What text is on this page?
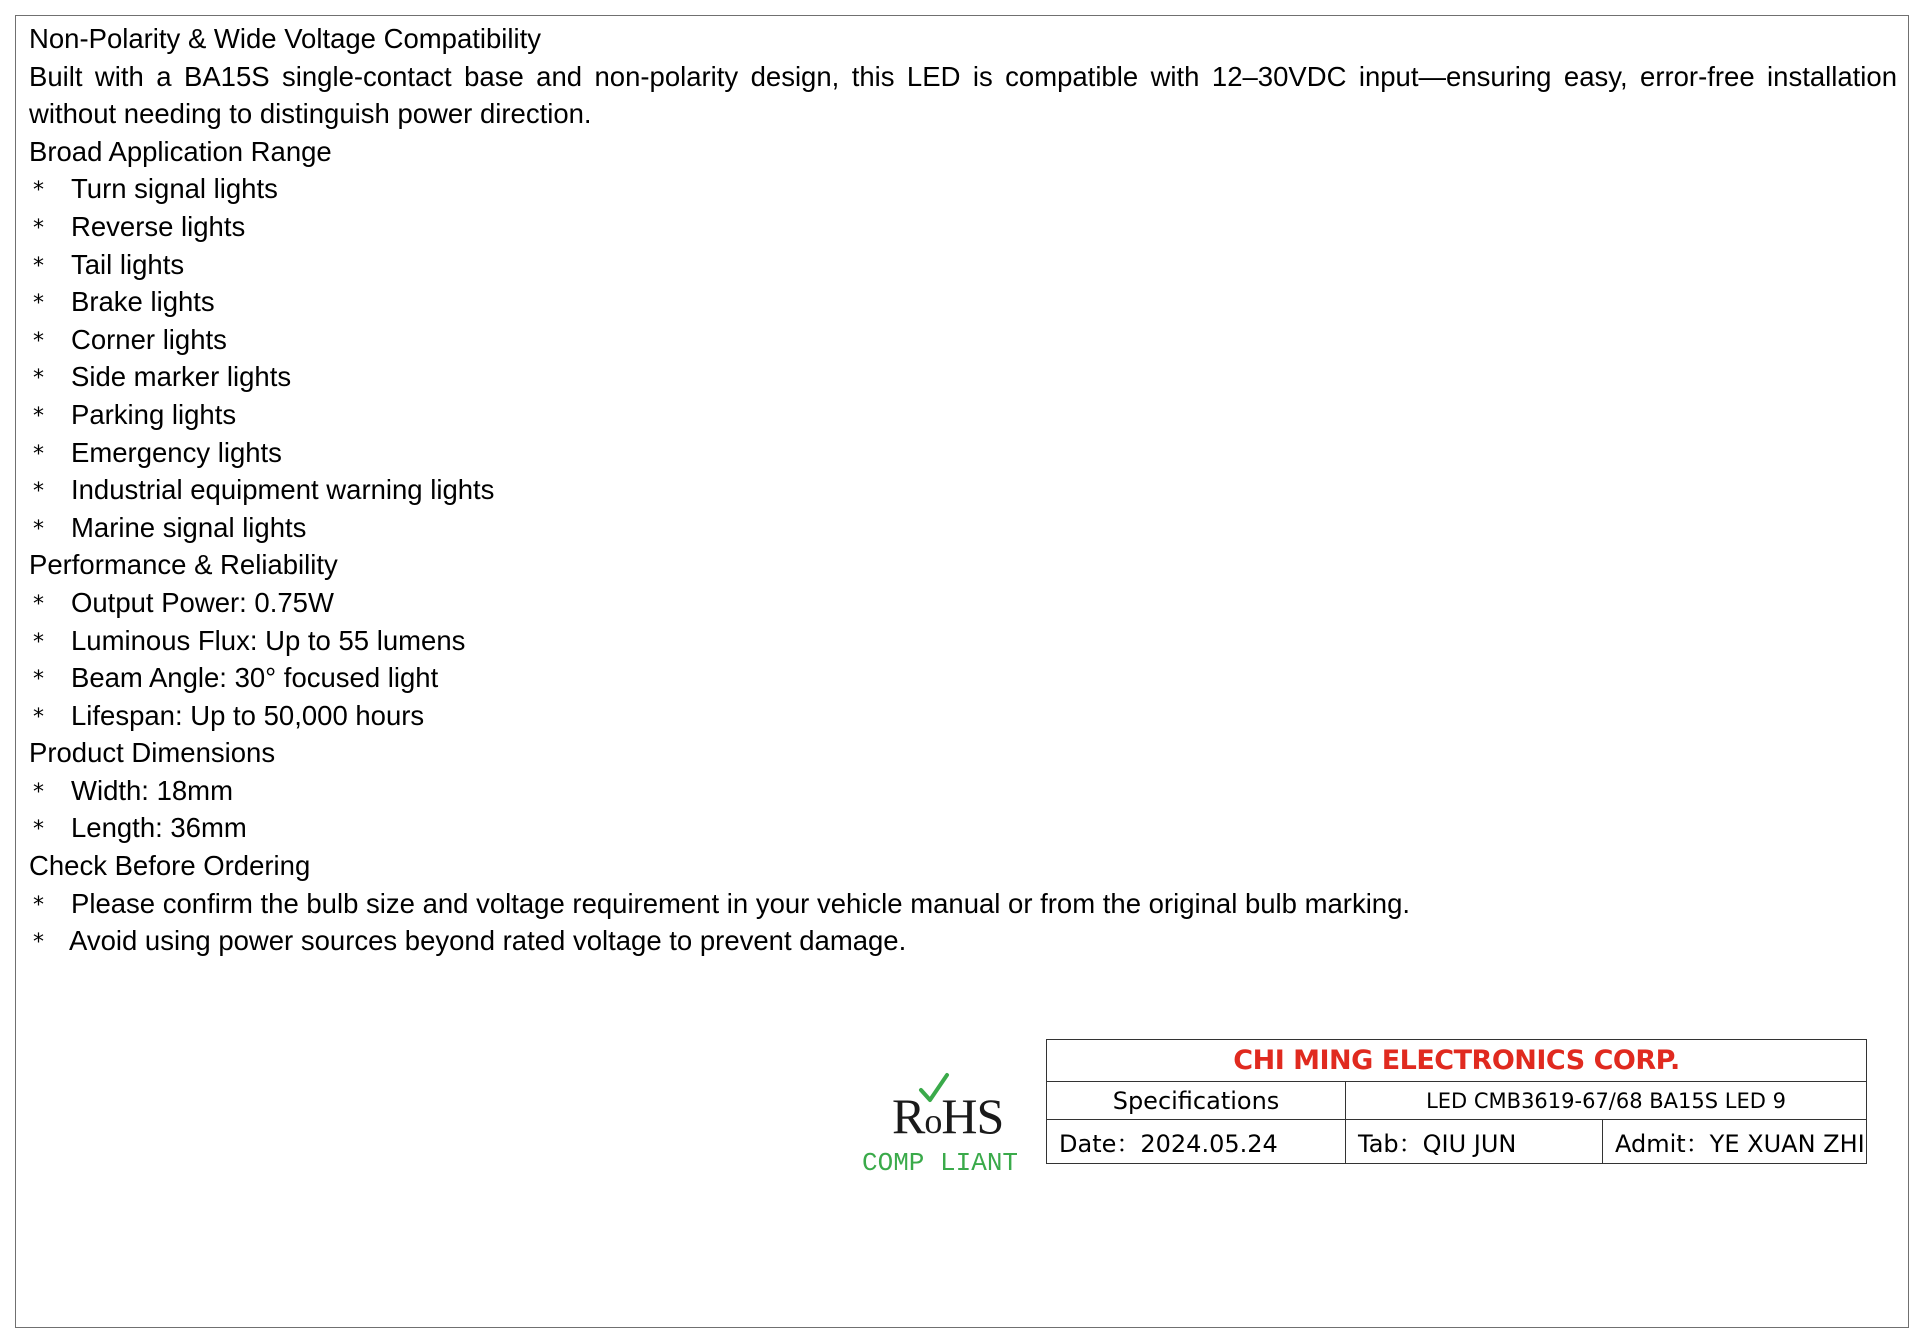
Non-Polarity & Wide Voltage Compatibility
Built with a BA15S single-contact base and non-polarity design, this LED is compatible with 12–30VDC input—ensuring easy, error-free installation without needing to distinguish power direction.
Broad Application Range
* Turn signal lights
* Reverse lights
* Tail lights
* Brake lights
* Corner lights
* Side marker lights
* Parking lights
* Emergency lights
* Industrial equipment warning lights
* Marine signal lights
Performance & Reliability
* Output Power: 0.75W
* Luminous Flux: Up to 55 lumens
* Beam Angle: 30° focused light
* Lifespan: Up to 50,000 hours
Product Dimensions
* Width: 18mm
* Length: 36mm
Check Before Ordering
* Please confirm the bulb size and voltage requirement in your vehicle manual or from the original bulb marking.
* Avoid using power sources beyond rated voltage to prevent damage.
RoHS
COMP LIANT
CHI MING ELECTRONICS CORP.		
Specifications	LED CMB3619-67/68 BA15S LED 9	
Date：2024.05.24	Tab：QIU JUN	Admit：YE XUAN ZHI
